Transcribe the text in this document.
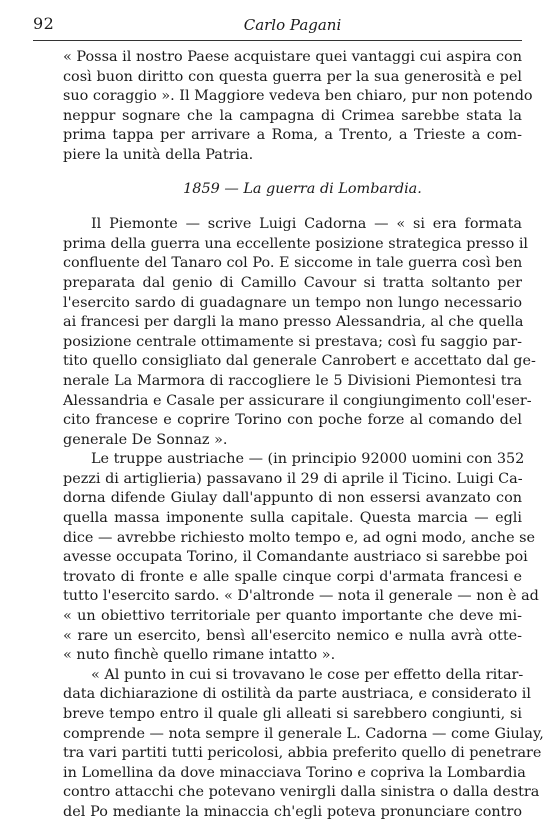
92	Carlo Pagani
« Possa il nostro Paese acquistare quei vantaggi cui aspira con
così buon diritto con questa guerra per la sua generosità e pel
suo coraggio ». Il Maggiore vedeva ben chiaro, pur non potendo
neppur sognare che la campagna di Crimea sarebbe stata la
prima tappa per arrivare a Roma, a Trento, a Trieste a com-
piere la unità della Patria.
1859 — La guerra di Lombardia.
Il Piemonte — scrive Luigi Cadorna — « si era formata
prima della guerra una eccellente posizione strategica presso il
confluente del Tanaro col Po. E siccome in tale guerra così ben
preparata dal genio di Camillo Cavour si tratta soltanto per
l'esercito sardo di guadagnare un tempo non lungo necessario
ai francesi per dargli la mano presso Alessandria, al che quella
posizione centrale ottimamente si prestava; così fu saggio par-
tito quello consigliato dal generale Canrobert e accettato dal ge-
nerale La Marmora di raccogliere le 5 Divisioni Piemontesi tra
Alessandria e Casale per assicurare il congiungimento coll'eser-
cito francese e coprire Torino con poche forze al comando del
generale De Sonnaz ».
Le truppe austriache — (in principio 92000 uomini con 352
pezzi di artiglieria) passavano il 29 di aprile il Ticino. Luigi Ca-
dorna difende Giulay dall'appunto di non essersi avanzato con
quella massa imponente sulla capitale. Questa marcia — egli
dice — avrebbe richiesto molto tempo e, ad ogni modo, anche se
avesse occupata Torino, il Comandante austriaco si sarebbe poi
trovato di fronte e alle spalle cinque corpi d'armata francesi e
tutto l'esercito sardo. « D'altronde — nota il generale — non è ad
« un obiettivo territoriale per quanto importante che deve mi-
« rare un esercito, bensì all'esercito nemico e nulla avrà otte-
« nuto finchè quello rimane intatto ».
« Al punto in cui si trovavano le cose per effetto della ritar-
data dichiarazione di ostilità da parte austriaca, e considerato il
breve tempo entro il quale gli alleati si sarebbero congiunti, si
comprende — nota sempre il generale L. Cadorna — come Giulay,
tra vari partiti tutti pericolosi, abbia preferito quello di penetrare
in Lomellina da dove minacciava Torino e copriva la Lombardia
contro attacchi che potevano venirgli dalla sinistra o dalla destra
del Po mediante la minaccia ch'egli poteva pronunciare contro
